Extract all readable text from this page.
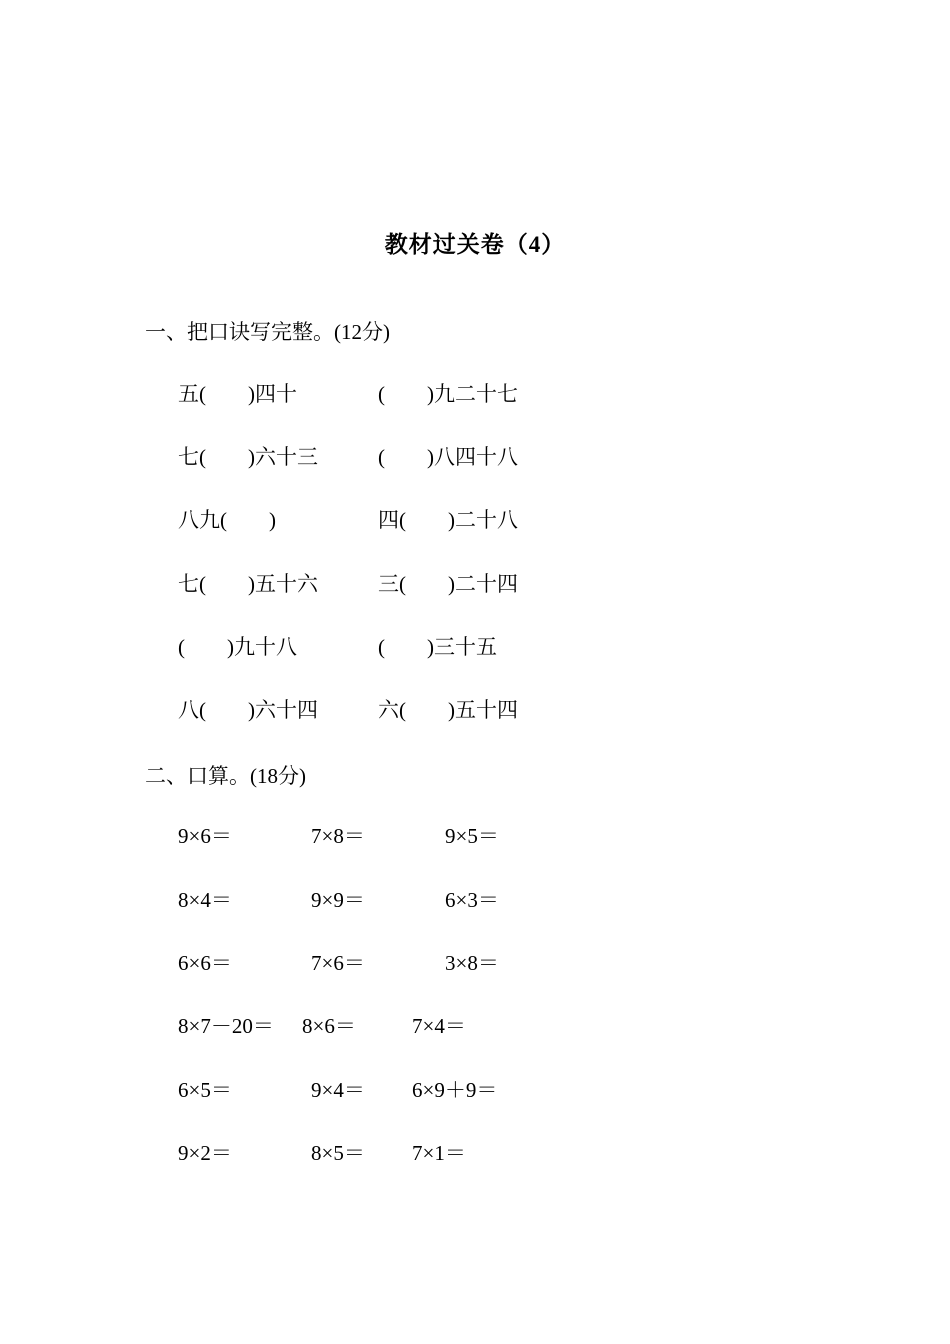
教材过关卷（4）
一、把口诀写完整。(12分)
五(　　)四十	(　　)九二十七
七(　　)六十三	(　　)八四十八
八九(　　)	四(　　)二十八
七(　　)五十六	三(　　)二十四
(　　)九十八	(　　)三十五
八(　　)六十四	六(　　)五十四
二、口算。(18分)
9×6＝	7×8＝	9×5＝
8×4＝	9×9＝	6×3＝
6×6＝	7×6＝	3×8＝
8×7－20＝ 8×6＝	7×4＝
6×5＝	9×4＝ 6×9＋9＝
9×2＝	8×5＝ 7×1＝
